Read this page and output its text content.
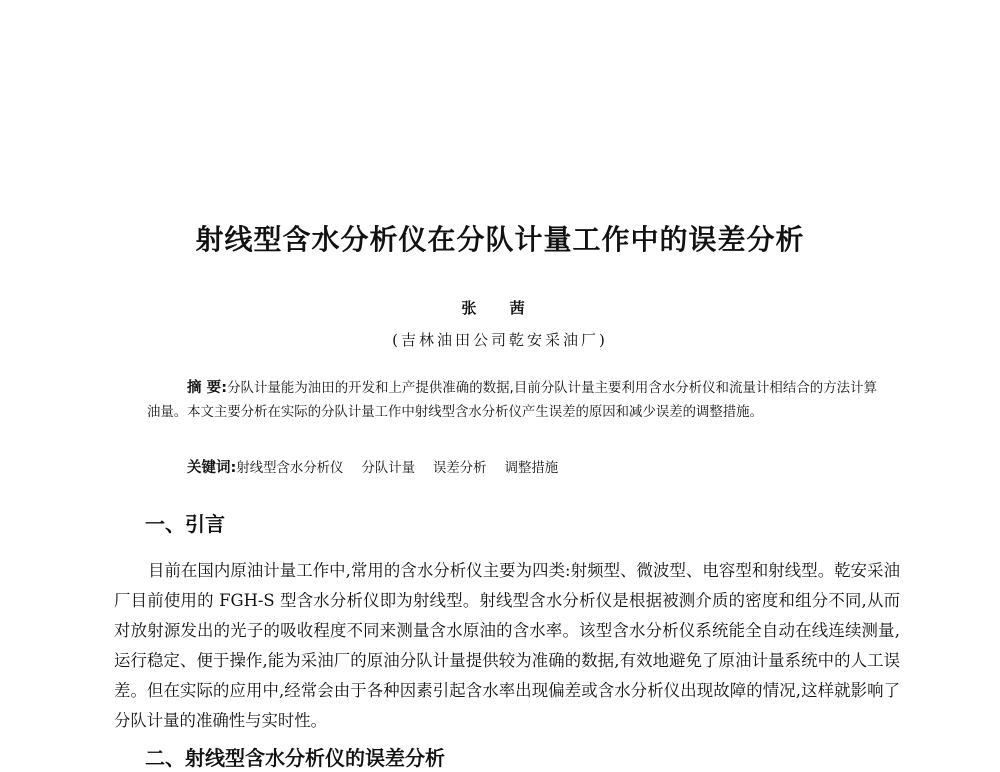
射线型含水分析仪在分队计量工作中的误差分析
张 茜
(吉林油田公司乾安采油厂)
摘 要:分队计量能为油田的开发和上产提供准确的数据,目前分队计量主要利用含水分析仪和流量计相结合的方法计算油量。本文主要分析在实际的分队计量工作中射线型含水分析仪产生误差的原因和减少误差的调整措施。
关键词:射线型含水分析仪 分队计量 误差分析 调整措施
一、引言
目前在国内原油计量工作中,常用的含水分析仪主要为四类:射频型、微波型、电容型和射线型。乾安采油厂目前使用的 FGH-S 型含水分析仪即为射线型。射线型含水分析仪是根据被测介质的密度和组分不同,从而对放射源发出的光子的吸收程度不同来测量含水原油的含水率。该型含水分析仪系统能全自动在线连续测量,运行稳定、便于操作,能为采油厂的原油分队计量提供较为准确的数据,有效地避免了原油计量系统中的人工误差。但在实际的应用中,经常会由于各种因素引起含水率出现偏差或含水分析仪出现故障的情况,这样就影响了分队计量的准确性与实时性。
二、射线型含水分析仪的误差分析
